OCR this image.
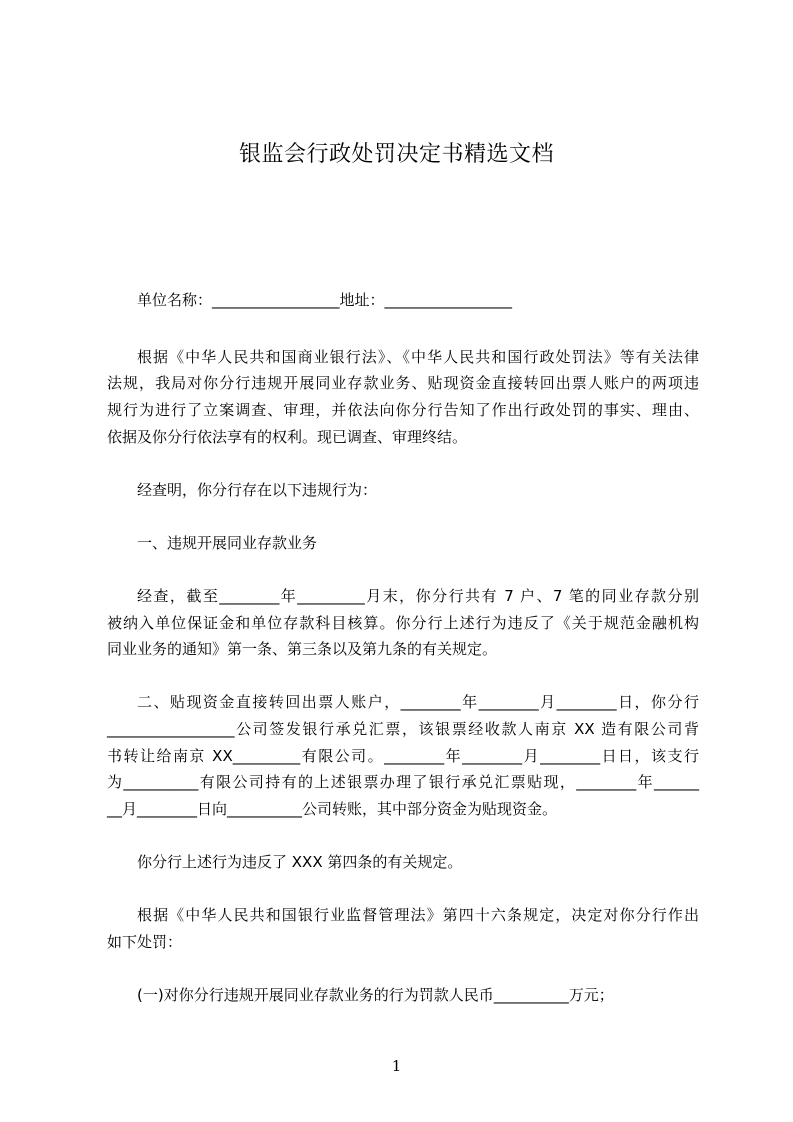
银监会行政处罚决定书精选文档

单位名称：_________________地址：_________________

根据《中华人民共和国商业银行法》、《中华人民共和国行政处罚法》等有关法律

法规，我局对你分行违规开展同业存款业务、贴现资金直接转回出票人账户的两项违

规行为进行了立案调查、审理，并依法向你分行告知了作出行政处罚的事实、理由、

依据及你分行依法享有的权利。现已调查、审理终结。

经查明，你分行存在以下违规行为：

一、违规开展同业存款业务

经查，截至________年_________月末，你分行共有 7 户、7 笔的同业存款分别

被纳入单位保证金和单位存款科目核算。你分行上述行为违反了《关于规范金融机构

同业业务的通知》第一条、第三条以及第九条的有关规定。

二、贴现资金直接转回出票人账户，________年________月________日，你分行

_________________公司签发银行承兑汇票，该银票经收款人南京 XX 造有限公司背

书转让给南京 XX_________有限公司。________年________月________日日，该支行

为__________有限公司持有的上述银票办理了银行承兑汇票贴现，________年______

__月________日向__________公司转账，其中部分资金为贴现资金。

你分行上述行为违反了 XXX 第四条的有关规定。

根据《中华人民共和国银行业监督管理法》第四十六条规定，决定对你分行作出

如下处罚：

(一)对你分行违规开展同业存款业务的行为罚款人民币__________万元；

1
